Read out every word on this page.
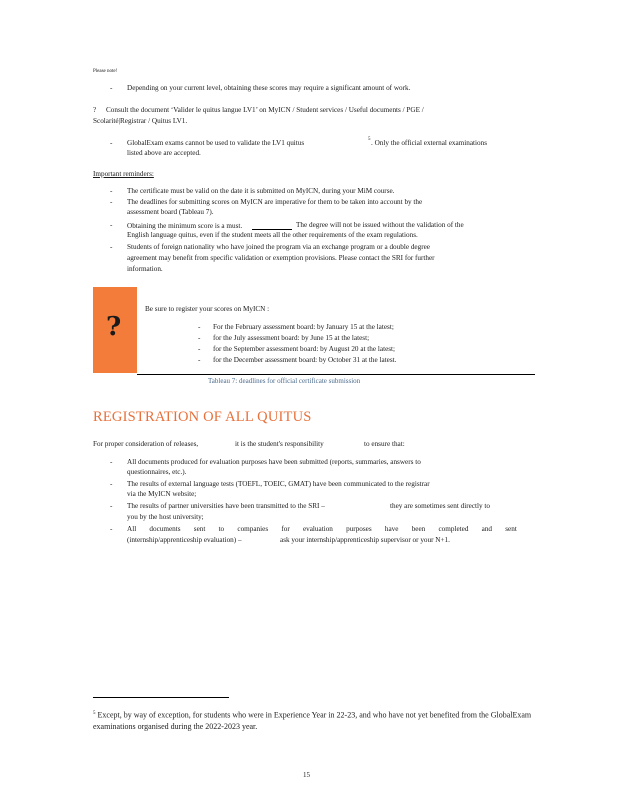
Please note!
- Depending on your current level, obtaining these scores may require a significant amount of work.
? Consult the document ‘Valider le quitus langue LV1’ on MyICN / Student services / Useful documents / PGE /
Scolarité|Registrar / Quitus LV1.
- GlobalExam exams cannot be used to validate the LV1 quitus	5 . Only the official external examinations
listed above are accepted.
Important reminders:
- The certificate must be valid on the date it is submitted on MyICN, during your MiM course.
- The deadlines for submitting scores on MyICN are imperative for them to be taken into account by the
assessment board (Tableau 7).
- Obtaining the minimum score is a must.	The degree will not be issued without the validation of the
English language quitus, even if the student meets all the other requirements of the exam regulations.
- Students of foreign nationality who have joined the program via an exchange program or a double degree
agreement may benefit from specific validation or exemption provisions. Please contact the SRI for further
information.
?
Be sure to register your scores on MyICN :
- For the February assessment board: by January 15 at the latest;
- for the July assessment board: by June 15 at the latest;
- for the September assessment board: by August 20 at the latest;
- for the December assessment board: by October 31 at the latest.
Tableau 7: deadlines for official certificate submission
REGISTRATION OF ALL QUITUS
For proper consideration of releases,	it is the student's responsibility	to ensure that:
- All documents produced for evaluation purposes have been submitted (reports, summaries, answers to
questionnaires, etc.).
- The results of external language tests (TOEFL, TOEIC, GMAT) have been communicated to the registrar
via the MyICN website;
- The results of partner universities have been transmitted to the SRI –	they are sometimes sent directly to
you by the host university;
- All documents sent to companies for evaluation purposes have been completed and sent
(internship/apprenticeship evaluation) –	ask your internship/apprenticeship supervisor or your N+1.
$^5$ Except, by way of exception, for students who were in Experience Year in 22-23, and who have not yet benefited from the GlobalExam examinations organised during the 2022-2023 year.
15
